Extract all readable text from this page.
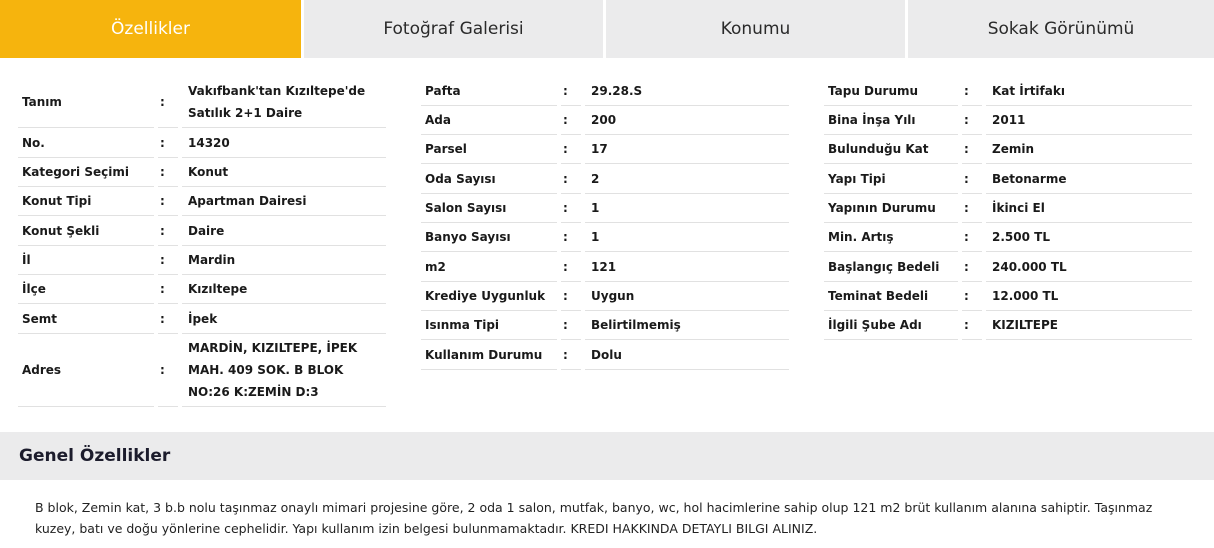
Özellikler	Fotoğraf Galerisi	Konumu	Sokak Görünümü
Tanım	:
Vakıfbank'tan Kızıltepe'de Satılık 2+1 Daire
No.	:	14320
Kategori Seçimi	:	Konut
Konut Tipi	:	Apartman Dairesi
Konut Şekli	:	Daire
İl	:	Mardin
İlçe	:	Kızıltepe
Semt	:	İpek
Adres	:
MARDİN, KIZILTEPE, İPEK MAH. 409 SOK. B BLOK NO:26 K:ZEMİN D:3
Pafta	:	29.28.S
Ada	:	200
Parsel	:	17
Oda Sayısı	:	2
Salon Sayısı	:	1
Banyo Sayısı	:	1
m2	:	121
Krediye Uygunluk	:	Uygun
Isınma Tipi	:	Belirtilmemiş
Kullanım Durumu	:	Dolu
Tapu Durumu	:	Kat İrtifakı
Bina İnşa Yılı	:	2011
Bulunduğu Kat	:	Zemin
Yapı Tipi	:	Betonarme
Yapının Durumu	:	İkinci El
Min. Artış	:	2.500 TL
Başlangıç Bedeli	:	240.000 TL
Teminat Bedeli	:	12.000 TL
İlgili Şube Adı	:	KIZILTEPE
Genel Özellikler
B blok, Zemin kat, 3 b.b nolu taşınmaz onaylı mimari projesine göre, 2 oda 1 salon, mutfak, banyo, wc, hol hacimlerine sahip olup 121 m2 brüt kullanım alanına sahiptir. Taşınmaz kuzey, batı ve doğu yönlerine cephelidir. Yapı kullanım izin belgesi bulunmamaktadır. KREDI HAKKINDA DETAYLI BILGI ALINIZ.
